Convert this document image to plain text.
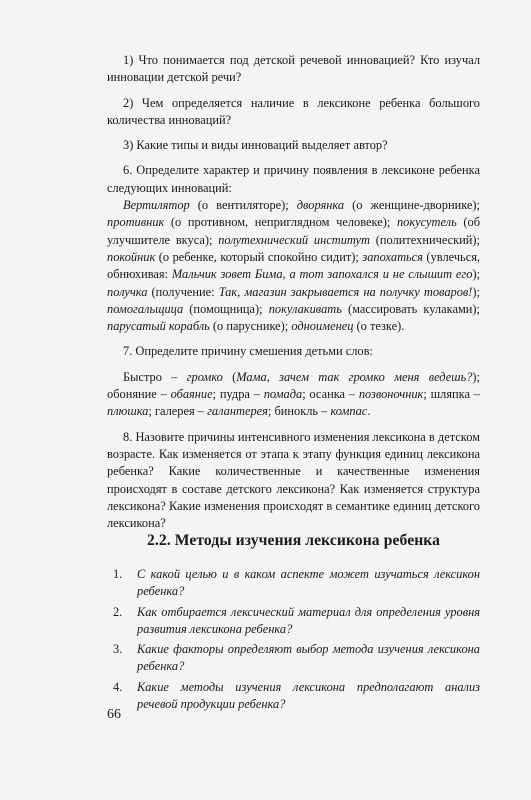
1) Что понимается под детской речевой инновацией? Кто изучал инновации детской речи?

2) Чем определяется наличие в лексиконе ребенка большого количества инноваций?

3) Какие типы и виды инноваций выделяет автор?

6. Определите характер и причину появления в лексиконе ребенка следующих инноваций:

Вертилятор (о вентиляторе); дворянка (о женщине-дворнике); противник (о противном, неприглядном человеке); покусутель (об улучшителе вкуса); полутехнический институт (политехнический); покойник (о ребенке, который спокойно сидит); запохаться (увлечься, обнюхивая: Мальчик зовет Бима, а тот запохался и не слышит его); получка (получение: Так, магазин закрывается на получку товаров!); помогальщица (помощница); покулакивать (массировать кулаками); парусатый корабль (о паруснике); одноименец (о тезке).

7. Определите причину смешения детьми слов:

Быстро – громко (Мама, зачем так громко меня ведешь?); обоняние – обаяние; пудра – помада; осанка – позвоночник; шляпка – плюшка; галерея – галантерея; бинокль – компас.

8. Назовите причины интенсивного изменения лексикона в детском возрасте. Как изменяется от этапа к этапу функция единиц лексикона ребенка? Какие количественные и качественные изменения происходят в составе детского лексикона? Как изменяется структура лексикона? Какие изменения происходят в семантике единиц детского лексикона?

2.2. Методы изучения лексикона ребенка
1.	С какой целью и в каком аспекте может изучаться лексикон ребенка?
2.	Как отбирается лексический материал для определения уровня развития лексикона ребенка?
3.	Какие факторы определяют выбор метода изучения лексикона ребенка?
4.	Какие методы изучения лексикона предполагают анализ речевой продукции ребенка?
66
